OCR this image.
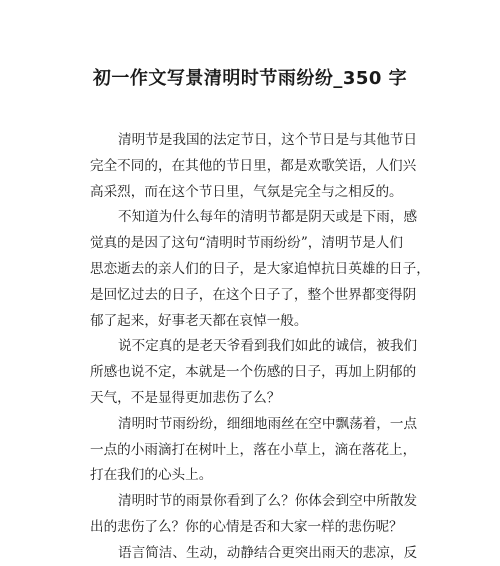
初一作文写景清明时节雨纷纷_350 字
清明节是我国的法定节日，这个节日是与其他节日
完全不同的，在其他的节日里，都是欢歌笑语，人们兴
高采烈，而在这个节日里，气氛是完全与之相反的。
不知道为什么每年的清明节都是阴天或是下雨，感
觉真的是因了这句“清明时节雨纷纷”，清明节是人们
思恋逝去的亲人们的日子，是大家追悼抗日英雄的日子，
是回忆过去的日子，在这个日子了，整个世界都变得阴
郁了起来，好事老天都在哀悼一般。
说不定真的是老天爷看到我们如此的诚信，被我们
所感也说不定，本就是一个伤感的日子，再加上阴郁的
天气，不是显得更加悲伤了么？
清明时节雨纷纷，细细地雨丝在空中飘荡着，一点
一点的小雨滴打在树叶上，落在小草上，滴在落花上，
打在我们的心头上。
清明时节的雨景你看到了么？你体会到空中所散发
出的悲伤了么？你的心情是否和大家一样的悲伤呢？
语言简洁、生动，动静结合更突出雨天的悲凉，反
